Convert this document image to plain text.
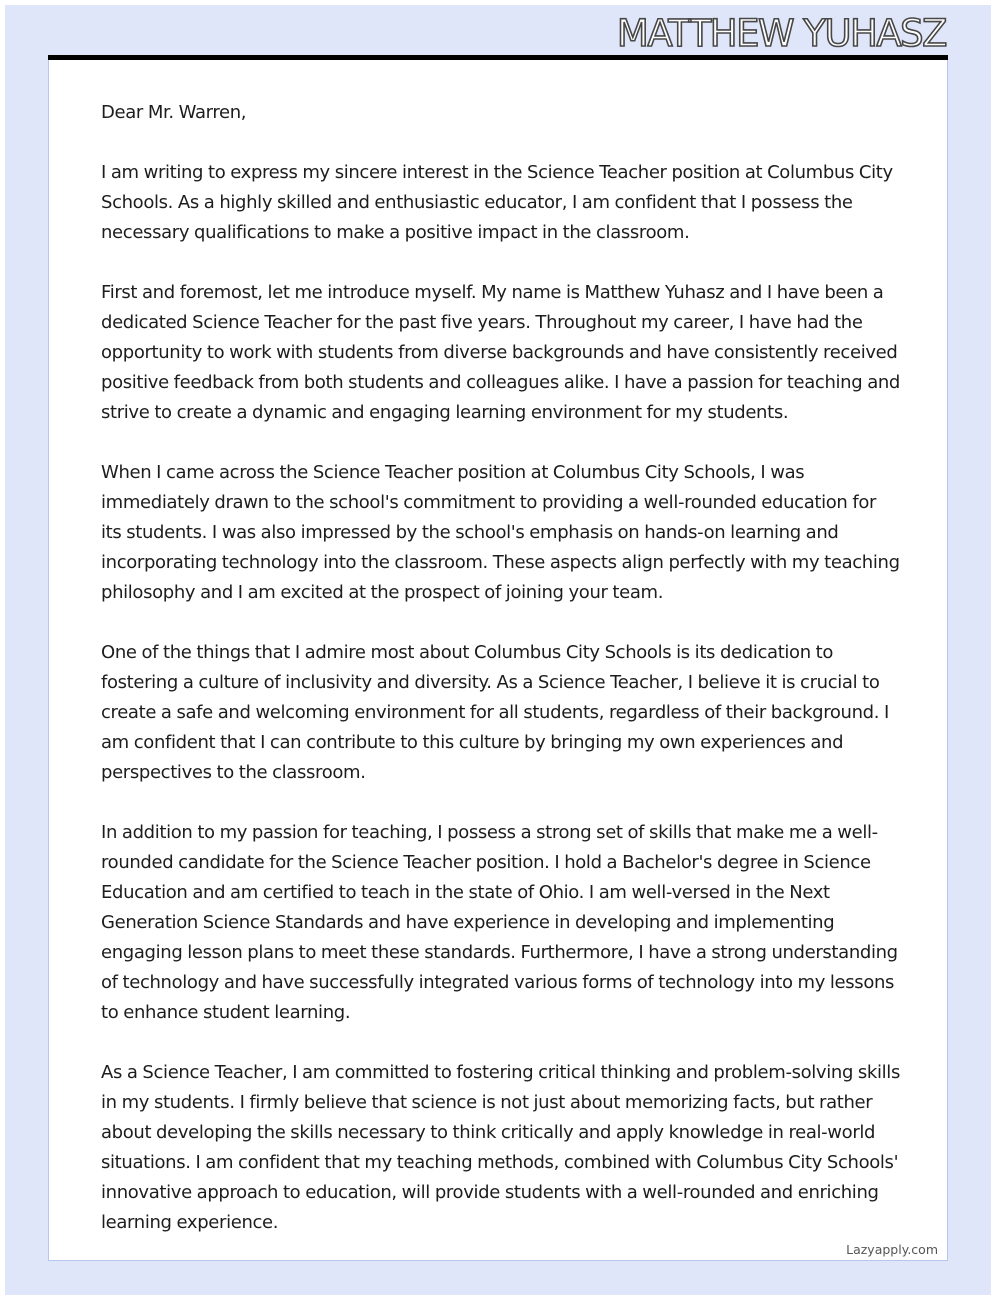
MATTHEW YUHASZ

Dear Mr. Warren,

I am writing to express my sincere interest in the Science Teacher position at Columbus City Schools. As a highly skilled and enthusiastic educator, I am confident that I possess the necessary qualifications to make a positive impact in the classroom.

First and foremost, let me introduce myself. My name is Matthew Yuhasz and I have been a dedicated Science Teacher for the past five years. Throughout my career, I have had the opportunity to work with students from diverse backgrounds and have consistently received positive feedback from both students and colleagues alike. I have a passion for teaching and strive to create a dynamic and engaging learning environment for my students.

When I came across the Science Teacher position at Columbus City Schools, I was immediately drawn to the school's commitment to providing a well-rounded education for its students. I was also impressed by the school's emphasis on hands-on learning and incorporating technology into the classroom. These aspects align perfectly with my teaching philosophy and I am excited at the prospect of joining your team.

One of the things that I admire most about Columbus City Schools is its dedication to fostering a culture of inclusivity and diversity. As a Science Teacher, I believe it is crucial to create a safe and welcoming environment for all students, regardless of their background. I am confident that I can contribute to this culture by bringing my own experiences and perspectives to the classroom.

In addition to my passion for teaching, I possess a strong set of skills that make me a well-rounded candidate for the Science Teacher position. I hold a Bachelor's degree in Science Education and am certified to teach in the state of Ohio. I am well-versed in the Next Generation Science Standards and have experience in developing and implementing engaging lesson plans to meet these standards. Furthermore, I have a strong understanding of technology and have successfully integrated various forms of technology into my lessons to enhance student learning.

As a Science Teacher, I am committed to fostering critical thinking and problem-solving skills in my students. I firmly believe that science is not just about memorizing facts, but rather about developing the skills necessary to think critically and apply knowledge in real-world situations. I am confident that my teaching methods, combined with Columbus City Schools' innovative approach to education, will provide students with a well-rounded and enriching learning experience.

Lazyapply.com
